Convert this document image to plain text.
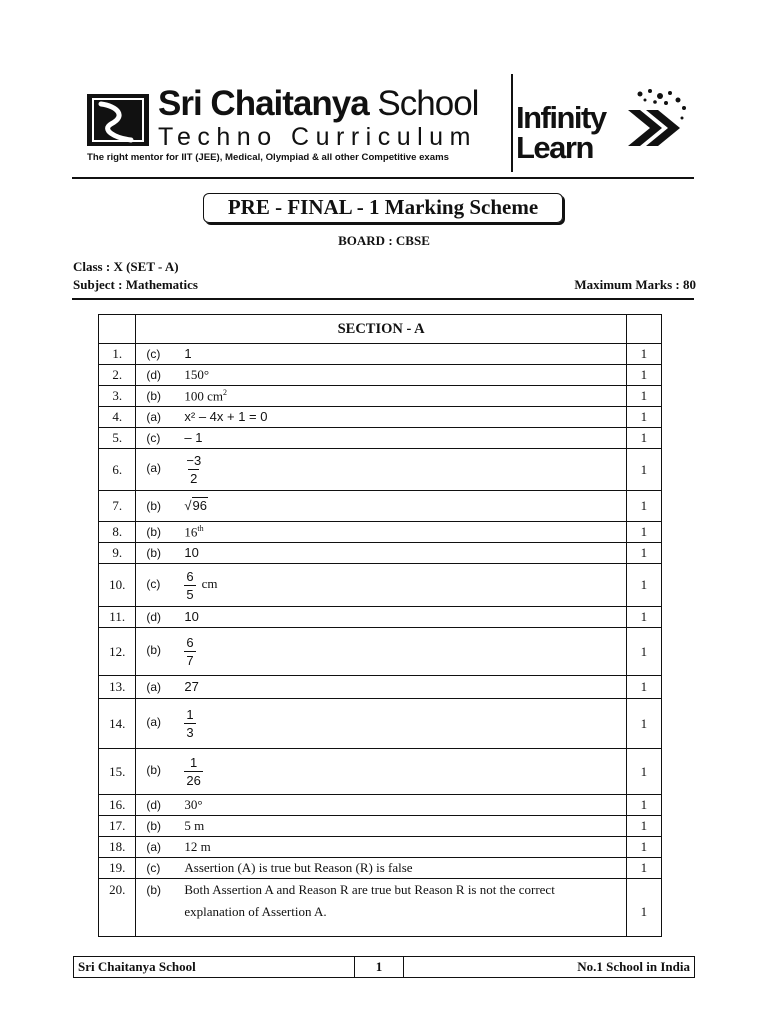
Sri Chaitanya School
Techno Curriculum
The right mentor for IIT (JEE), Medical, Olympiad & all other Competitive exams
Infinity
Learn
PRE - FINAL - 1 Marking Scheme
BOARD : CBSE
Class : X (SET - A)
Subject : Mathematics	Maximum Marks : 80
	SECTION - A	
1.	(c) 1	1
2.	(d) 150°	1
3.	(b) 100 $cm^2$	1
4.	(a) x² – 4x + 1 = 0	1
5.	(c) – 1	1
6.	$(a) \frac{-3}{2}$	1
7.	(b) √96	1
8.	(b) 16th	1
9.	(b) 10	1
10.	$(c) \frac{6}{5}$ cm	1
11.	(d) 10	1
12.	$(b) \frac{6}{7}$	1
13.	(a) 27	1
14.	$(a) \frac{1}{3}$	1
15.	$(b) \frac{1}{26}$	1
16.	(d) 30°	1
17.	(b) 5 m	1
18.	(a) 12 m	1
19.	(c) Assertion (A) is true but Reason (R) is false	1
20.	(b) Both Assertion A and Reason R are true but Reason R is not the correct
explanation of Assertion A.	1
Sri Chaitanya School	1	No.1 School in India
